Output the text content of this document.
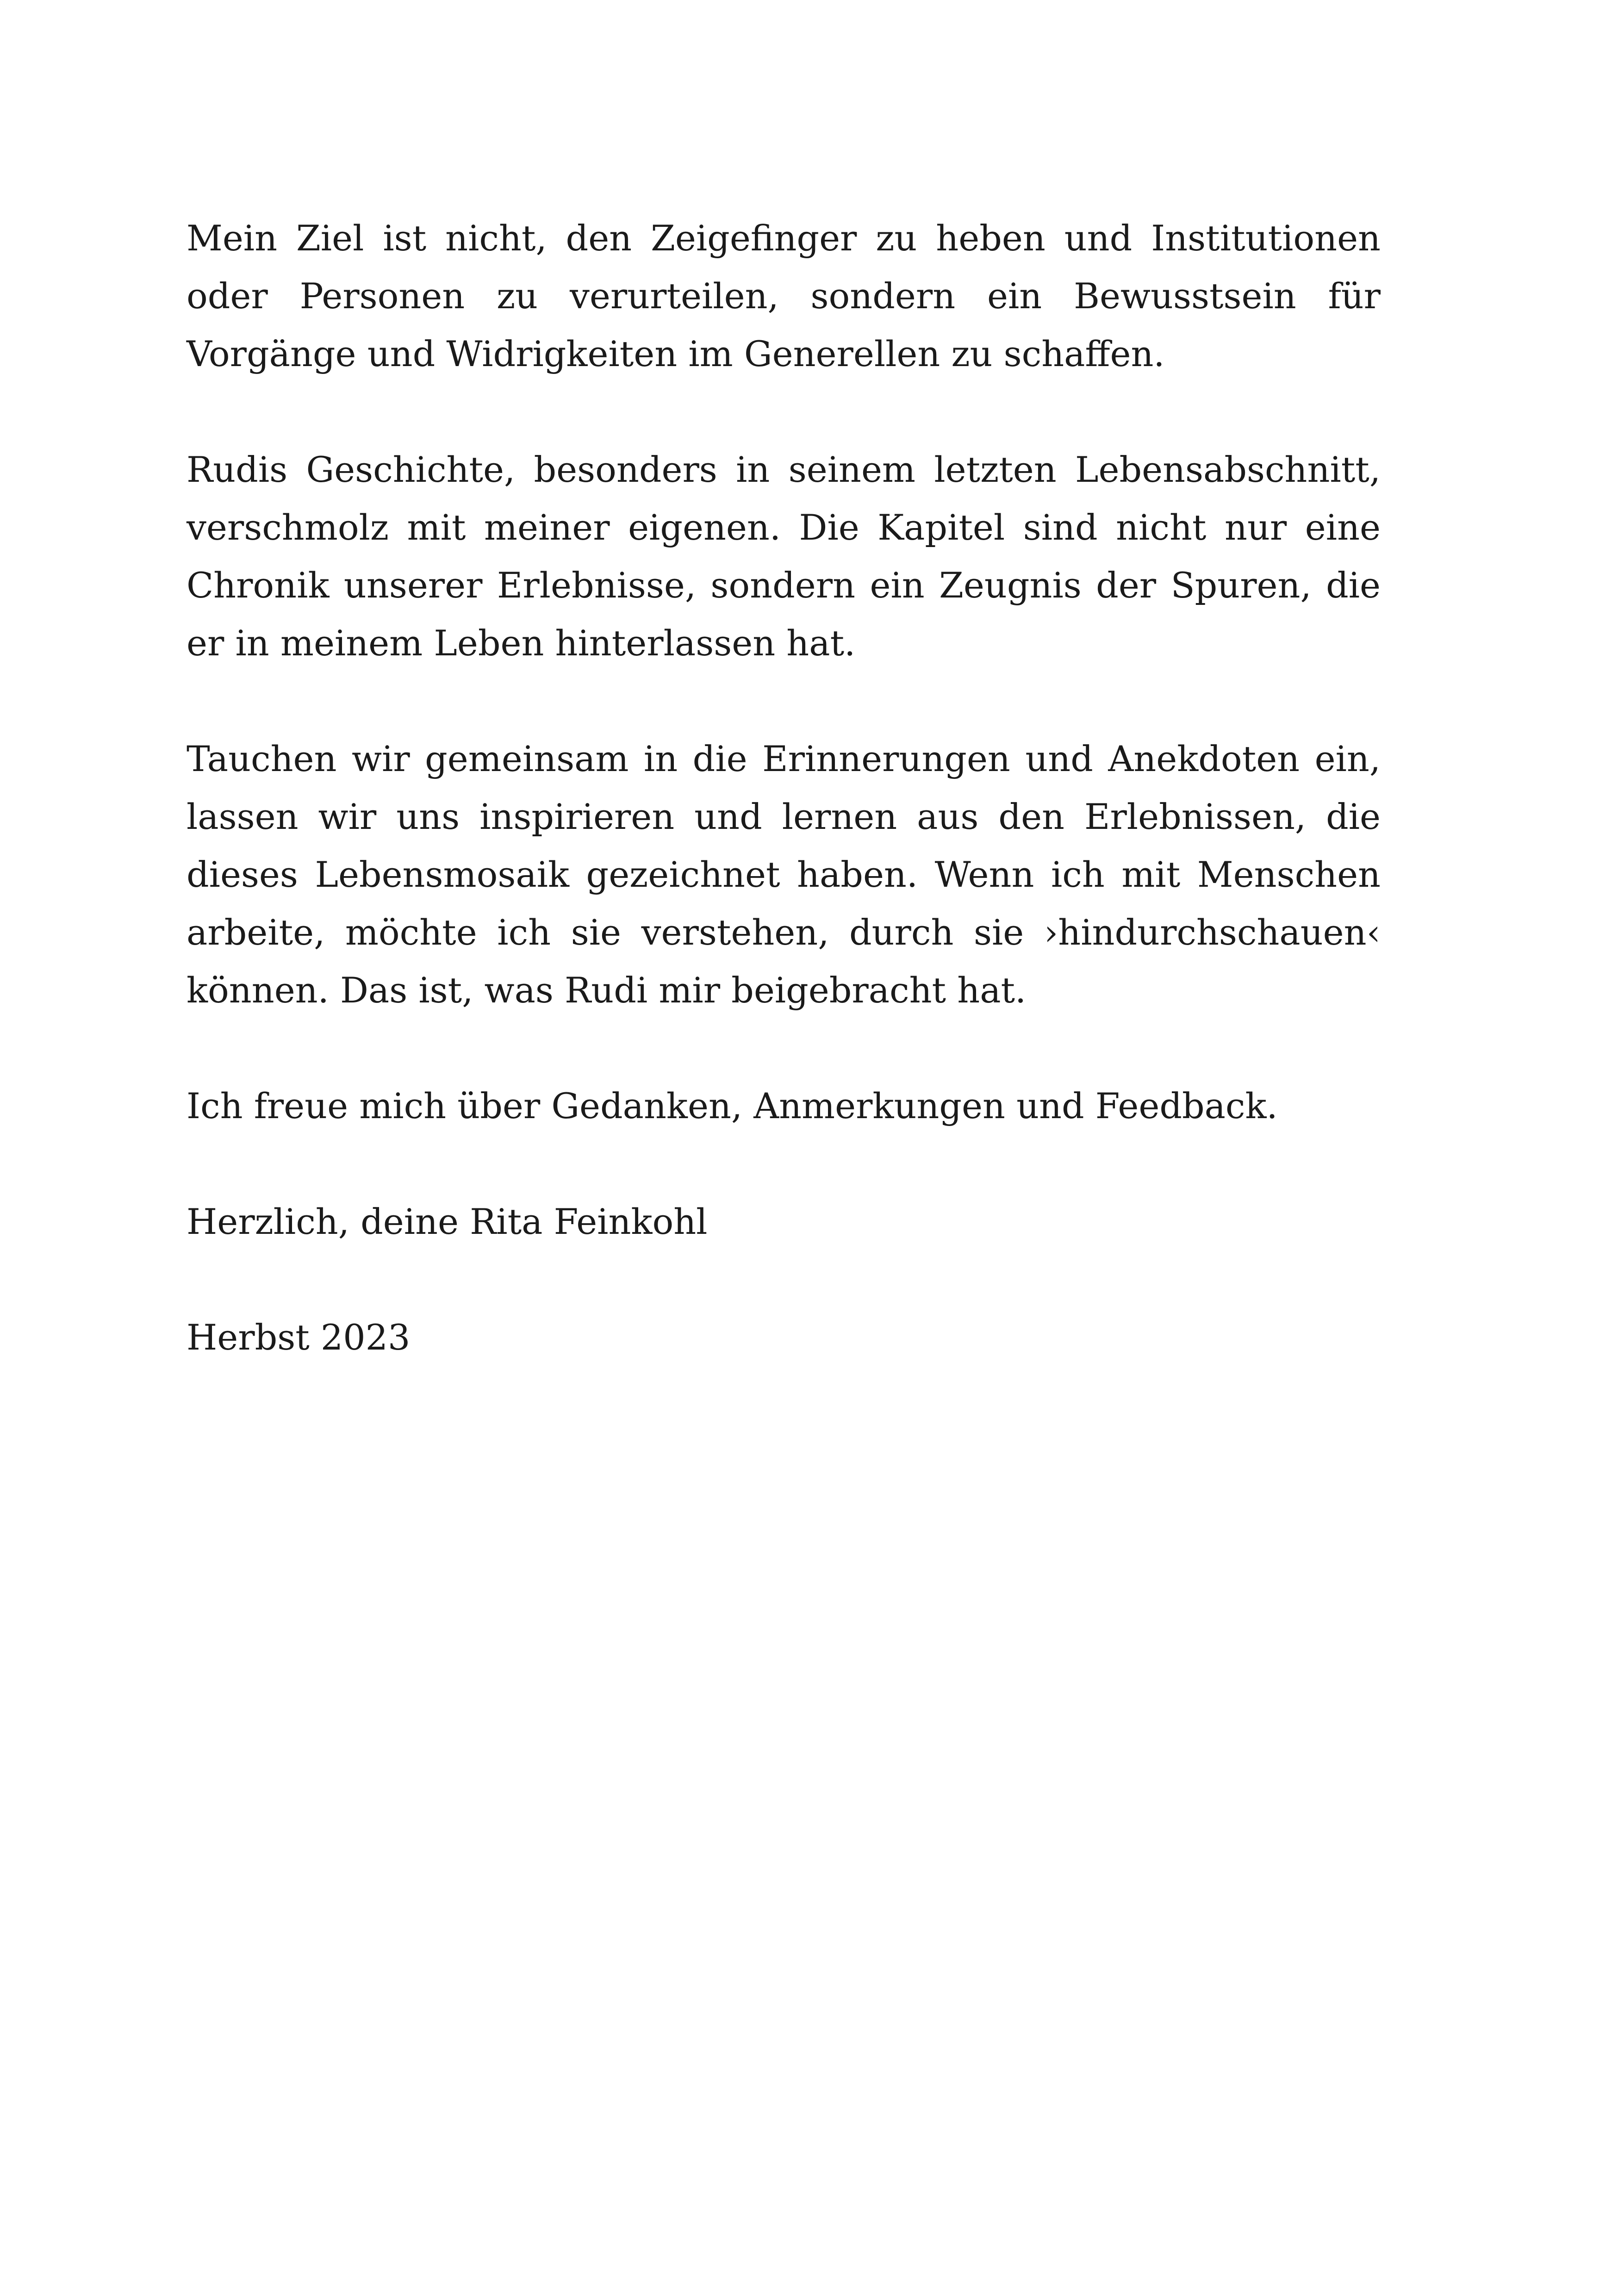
Mein Ziel ist nicht, den Zeigefinger zu heben und Institutionen oder Personen zu verurteilen, sondern ein Bewusstsein für Vorgänge und Widrigkeiten im Generellen zu schaffen.

Rudis Geschichte, besonders in seinem letzten Lebensabschnitt, verschmolz mit meiner eigenen. Die Kapitel sind nicht nur eine Chronik unserer Erlebnisse, sondern ein Zeugnis der Spuren, die er in meinem Leben hinterlassen hat.

Tauchen wir gemeinsam in die Erinnerungen und Anekdoten ein, lassen wir uns inspirieren und lernen aus den Erlebnissen, die dieses Lebensmosaik gezeichnet haben. Wenn ich mit Menschen arbeite, möchte ich sie verstehen, durch sie ›hindurchschauen‹ können. Das ist, was Rudi mir beigebracht hat.

Ich freue mich über Gedanken, Anmerkungen und Feedback.

Herzlich, deine Rita Feinkohl

Herbst 2023
